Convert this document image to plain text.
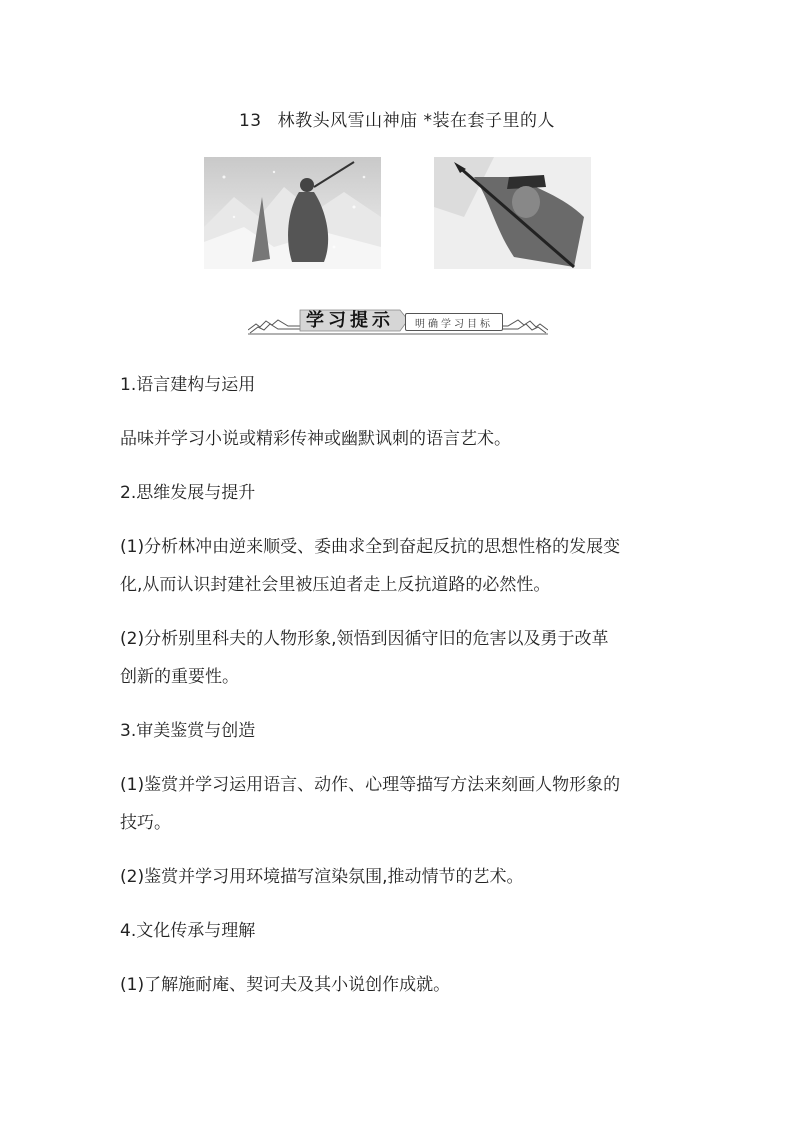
13 林教头风雪山神庙 *装在套子里的人
学习提示	明确学习目标
1.语言建构与运用
品味并学习小说或精彩传神或幽默讽刺的语言艺术。
2.思维发展与提升
(1)分析林冲由逆来顺受、委曲求全到奋起反抗的思想性格的发展变
化,从而认识封建社会里被压迫者走上反抗道路的必然性。
(2)分析别里科夫的人物形象,领悟到因循守旧的危害以及勇于改革
创新的重要性。
3.审美鉴赏与创造
(1)鉴赏并学习运用语言、动作、心理等描写方法来刻画人物形象的
技巧。
(2)鉴赏并学习用环境描写渲染氛围,推动情节的艺术。
4.文化传承与理解
(1)了解施耐庵、契诃夫及其小说创作成就。
